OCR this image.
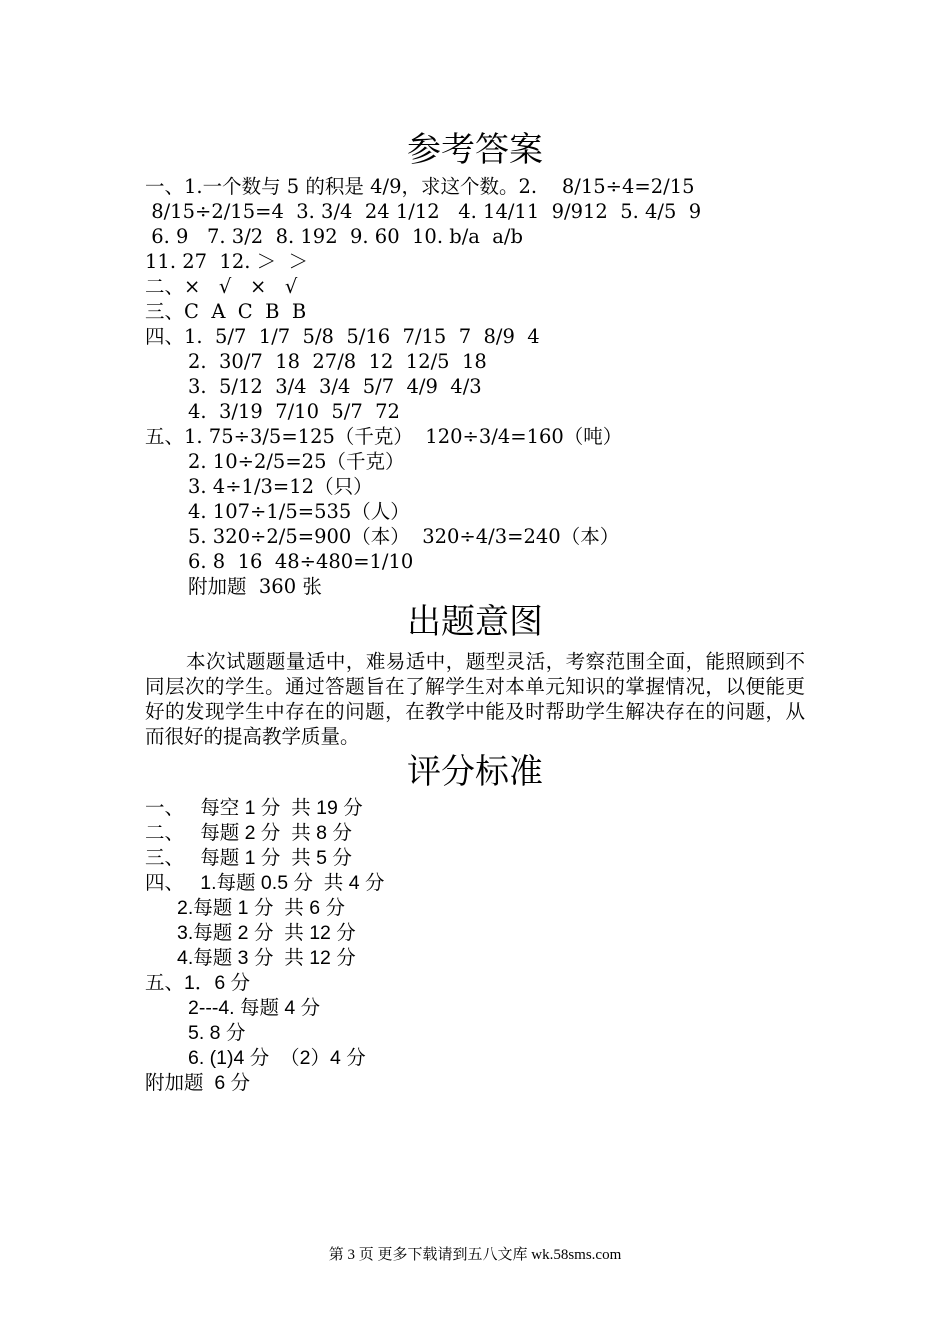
参考答案
一、1.一个数与 5 的积是 4/9，求这个数。2.    8/15÷4=2/15
8/15÷2/15=4  3. 3/4  24 1/12   4. 14/11  9/912  5. 4/5  9
6. 9   7. 3/2  8. 192  9. 60  10. b/a  a/b
11. 27  12. ＞  ＞
二、×   √   ×   √
三、C  A  C  B  B
四、1.  5/7  1/7  5/8  5/16  7/15  7  8/9  4
2.  30/7  18  27/8  12  12/5  18
3.  5/12  3/4  3/4  5/7  4/9  4/3
4.  3/19  7/10  5/7  72
五、1. 75÷3/5=125（千克）  120÷3/4=160（吨）
2. 10÷2/5=25（千克）
3. 4÷1/3=12（只）
4. 107÷1/5=535（人）
5. 320÷2/5=900（本）  320÷4/3=240（本）
6. 8  16  48÷480=1/10
附加题  360 张
出题意图
本次试题题量适中，难易适中，题型灵活，考察范围全面，能照顾到不同层次的学生。通过答题旨在了解学生对本单元知识的掌握情况，以便能更好的发现学生中存在的问题，在教学中能及时帮助学生解决存在的问题，从而很好的提高教学质量。
评分标准
一、   每空 1 分  共 19 分
二、   每题 2 分  共 8 分
三、   每题 1 分  共 5 分
四、   1.每题 0.5 分  共 4 分
2.每题 1 分  共 6 分
3.每题 2 分  共 12 分
4.每题 3 分  共 12 分
五、1．6 分
2---4. 每题 4 分
5. 8 分
6. (1)4 分  （2）4 分
附加题  6 分
第 3 页 更多下载请到五八文库 wk.58sms.com
